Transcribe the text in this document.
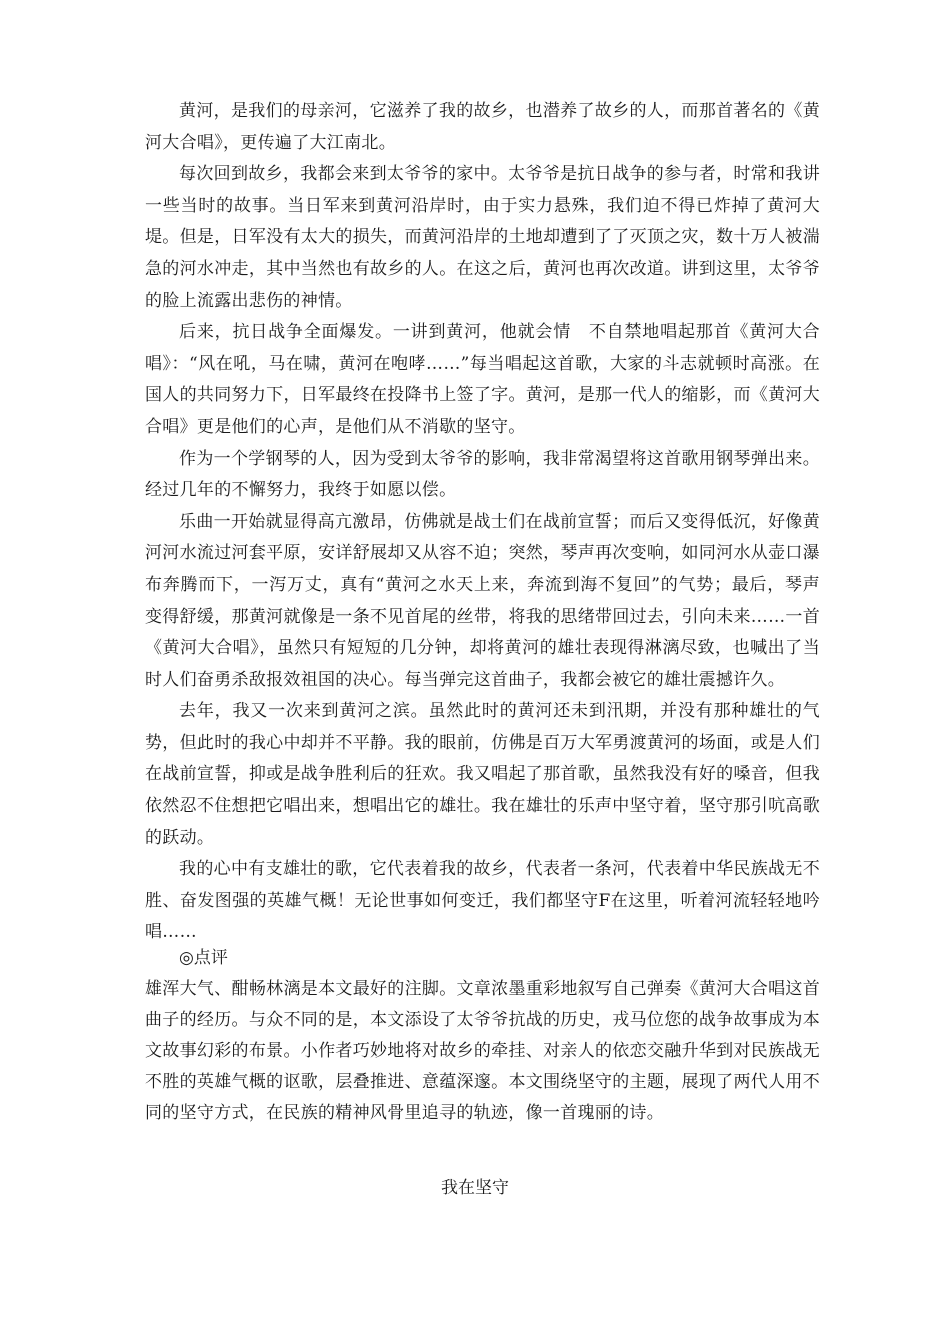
黄河，是我们的母亲河，它滋养了我的故乡，也潜养了故乡的人，而那首著名的《黄河大合唱》，更传遍了大江南北。

每次回到故乡，我都会来到太爷爷的家中。太爷爷是抗日战争的参与者，时常和我讲一些当时的故事。当日军来到黄河沿岸时，由于实力悬殊，我们迫不得已炸掉了黄河大堤。但是，日军没有太大的损失，而黄河沿岸的土地却遭到了了灭顶之灾，数十万人被湍急的河水冲走，其中当然也有故乡的人。在这之后，黄河也再次改道。讲到这里，太爷爷的脸上流露出悲伤的神情。

后来，抗日战争全面爆发。一讲到黄河，他就会情　不自禁地唱起那首《黄河大合唱》：“风在吼，马在啸，黄河在咆哮……”每当唱起这首歌，大家的斗志就顿时高涨。在国人的共同努力下，日军最终在投降书上签了字。黄河，是那一代人的缩影，而《黄河大合唱》更是他们的心声，是他们从不消歇的坚守。

作为一个学钢琴的人，因为受到太爷爷的影响，我非常渴望将这首歌用钢琴弹出来。经过几年的不懈努力，我终于如愿以偿。

乐曲一开始就显得高亢激昂，仿佛就是战士们在战前宣誓；而后又变得低沉，好像黄河河水流过河套平原，安详舒展却又从容不迫；突然，琴声再次变响，如同河水从壶口瀑布奔腾而下，一泻万丈，真有“黄河之水天上来，奔流到海不复回”的气势；最后，琴声变得舒缓，那黄河就像是一条不见首尾的丝带，将我的思绪带回过去，引向未来……一首《黄河大合唱》，虽然只有短短的几分钟，却将黄河的雄壮表现得淋漓尽致，也喊出了当时人们奋勇杀敌报效祖国的决心。每当弹完这首曲子，我都会被它的雄壮震撼许久。

去年，我又一次来到黄河之滨。虽然此时的黄河还未到汛期，并没有那种雄壮的气势，但此时的我心中却并不平静。我的眼前，仿佛是百万大军勇渡黄河的场面，或是人们在战前宣誓，抑或是战争胜利后的狂欢。我又唱起了那首歌，虽然我没有好的嗓音，但我依然忍不住想把它唱出来，想唱出它的雄壮。我在雄壮的乐声中坚守着，坚守那引吭高歌的跃动。

我的心中有支雄壮的歌，它代表着我的故乡，代表者一条河，代表着中华民族战无不胜、奋发图强的英雄气概！无论世事如何变迁，我们都坚守F在这里，听着河流轻轻地吟唱……

◎点评

雄浑大气、酣畅林漓是本文最好的注脚。文章浓墨重彩地叙写自己弹奏《黄河大合唱这首曲子的经历。与众不同的是，本文添设了太爷爷抗战的历史，戎马位您的战争故事成为本文故事幻彩的布景。小作者巧妙地将对故乡的牵挂、对亲人的依恋交融升华到对民族战无不胜的英雄气概的讴歌，层叠推进、意蕴深邃。本文围绕坚守的主题，展现了两代人用不同的坚守方式，在民族的精神风骨里追寻的轨迹，像一首瑰丽的诗。

我在坚守
